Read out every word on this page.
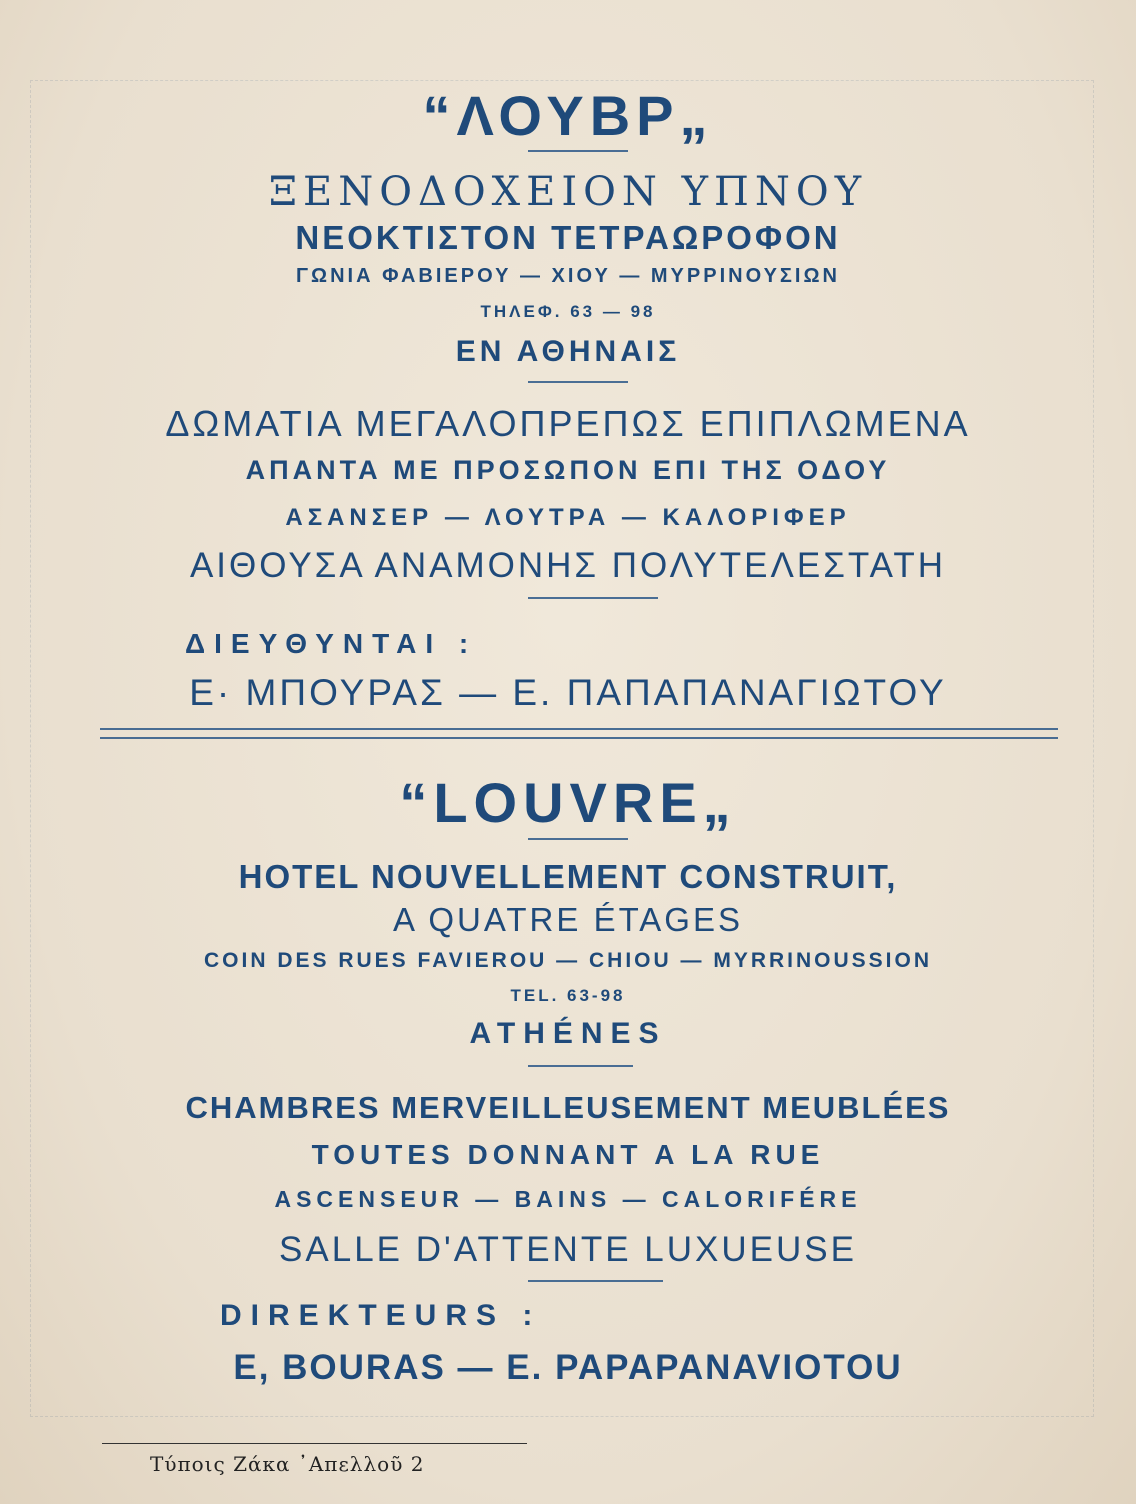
“ΛΟΥΒΡ„
ΞΕΝΟΔΟΧΕΙΟΝ ΥΠΝΟΥ
ΝΕΟΚΤΙΣΤΟΝ ΤΕΤΡΑΩΡΟΦΟΝ
ΓΩΝΙΑ ΦΑΒΙΕΡΟΥ — ΧΙΟΥ — ΜΥΡΡΙΝΟΥΣΙΩΝ
ΤΗΛΕΦ. 63 — 98
ΕΝ ΑΘΗΝΑΙΣ
ΔΩΜΑΤΙΑ ΜΕΓΑΛΟΠΡΕΠΩΣ ΕΠΙΠΛΩΜΕΝΑ
ΑΠΑΝΤΑ ΜΕ ΠΡΟΣΩΠΟΝ ΕΠΙ ΤΗΣ ΟΔΟΥ
ΑΣΑΝΣΕΡ — ΛΟΥΤΡΑ — ΚΑΛΟΡΙΦΕΡ
ΑΙΘΟΥΣΑ ΑΝΑΜΟΝΗΣ ΠΟΛΥΤΕΛΕΣΤΑΤΗ
ΔΙΕΥΘΥΝΤΑΙ :
Ε· ΜΠΟΥΡΑΣ — Ε. ΠΑΠΑΠΑΝΑΓΙΩΤΟΥ
“LOUVRE„
HOTEL NOUVELLEMENT CONSTRUIT,
A QUATRE ÉTAGES
COIN DES RUES FAVIEROU — CHIOU — MYRRINOUSSION
TEL. 63-98
ATHÉNES
CHAMBRES MERVEILLEUSEMENT MEUBLÉES
TOUTES DONNANT A LA RUE
ASCENSEUR — BAINS — CALORIFÉRE
SALLE D'ATTENTE LUXUEUSE
DIREKTEURS :
E, BOURAS — E. PAPAPANAVIOTOU
Τύποις Ζάκα ᾿Απελλοῦ 2
